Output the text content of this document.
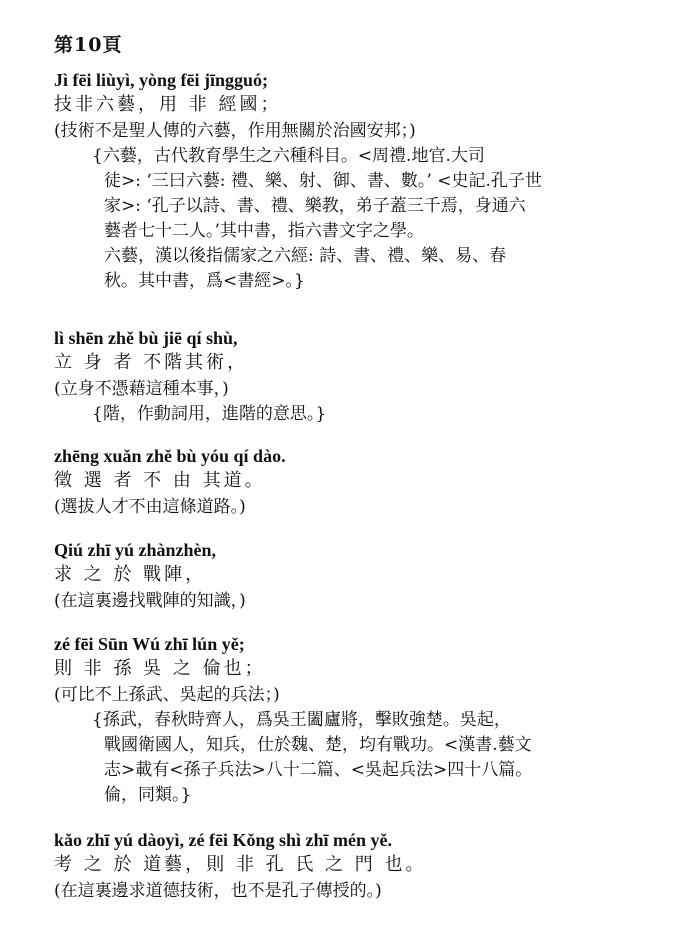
第10頁
Jì fēi liùyì, yòng fēi jīngguó;
技非六藝，用 非 經國；
(技術不是聖人傳的六藝，作用無關於治國安邦；)
{六藝，古代教育學生之六種科目。<周禮.地官.大司
徒>: ‘三曰六藝: 禮、樂、射、御、書、數。’ <史記.孔子世
家>: ‘孔子以詩、書、禮、樂教，弟子蓋三千焉，身通六
藝者七十二人。’其中書，指六書文字之學。
六藝，漢以後指儒家之六經: 詩、書、禮、樂、易、春
秋。其中書，爲<書經>。}
lì shēn zhě bù jiē qí shù,
立 身 者 不階其術，
(立身不憑藉這種本事，)
{階，作動詞用，進階的意思。}
zhēng xuǎn zhě bù yóu qí dào.
徵 選 者 不 由 其道。
(選拔人才不由這條道路。)
Qiú zhī yú zhànzhèn,
求 之 於 戰陣，
(在這裏邊找戰陣的知識，)
zé fēi Sūn Wú zhī lún yě;
則 非 孫 吳 之 倫也；
(可比不上孫武、吳起的兵法；)
{孫武，春秋時齊人，爲吳王闔廬將，擊敗強楚。吳起，
戰國衛國人，知兵，仕於魏、楚，均有戰功。<漢書.藝文
志>載有<孫子兵法>八十二篇、<吳起兵法>四十八篇。
倫，同類。}
kǎo zhī yú dàoyì, zé fēi Kǒng shì zhī mén yě.
考 之 於 道藝，則 非 孔 氏 之 門 也。
(在這裏邊求道德技術，也不是孔子傳授的。)
